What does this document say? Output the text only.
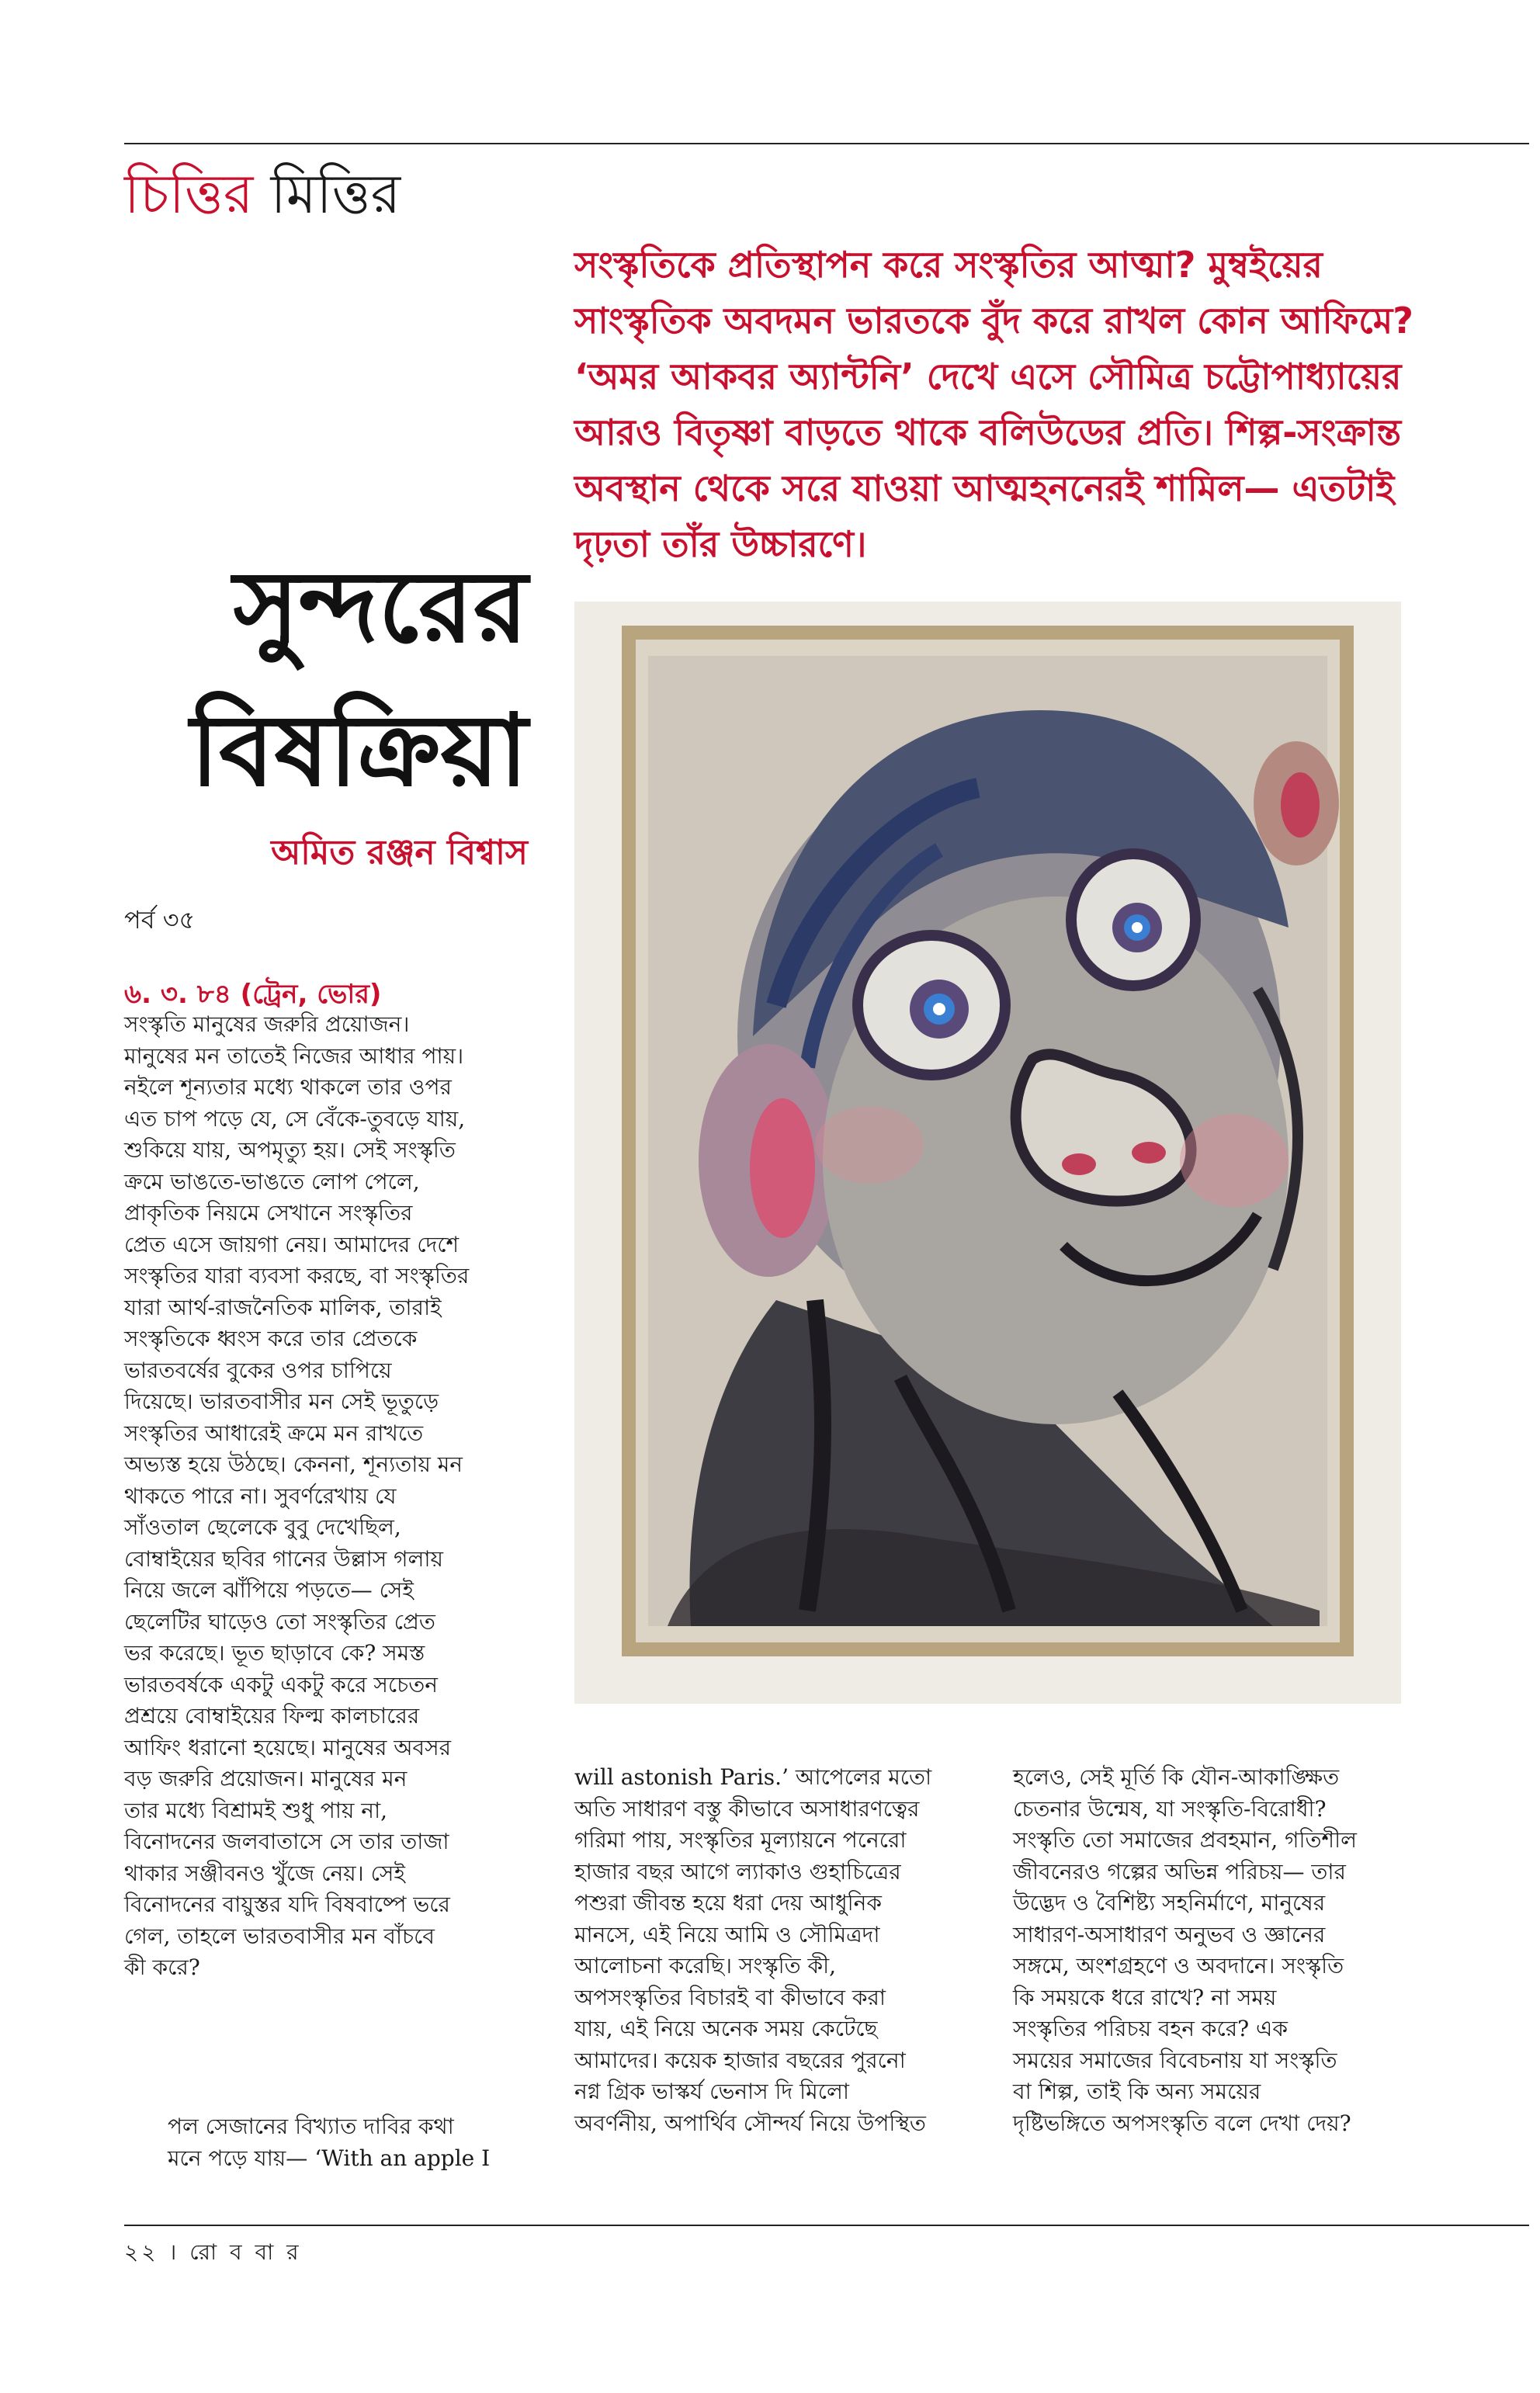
চিত্তির মিত্তির

সংস্কৃতিকে প্রতিস্থাপন করে সংস্কৃতির আত্মা? মুম্বইয়ের সাংস্কৃতিক অবদমন ভারতকে বুঁদ করে রাখল কোন আফিমে? ‘অমর আকবর অ্যান্টনি’ দেখে এসে সৌমিত্র চট্টোপাধ্যায়ের আরও বিতৃষ্ণা বাড়তে থাকে বলিউডের প্রতি। শিল্প-সংক্রান্ত অবস্থান থেকে সরে যাওয়া আত্মহননেরই শামিল— এতটাই দৃঢ়তা তাঁর উচ্চারণে।

সুন্দরের
বিষক্রিয়া
অমিত রঞ্জন বিশ্বাস
পর্ব ৩৫
৬. ৩. ৮৪ (ট্রেন, ভোর)
সংস্কৃতি মানুষের জরুরি প্রয়োজন।
মানুষের মন তাতেই নিজের আধার পায়।
নইলে শূন্যতার মধ্যে থাকলে তার ওপর
এত চাপ পড়ে যে, সে বেঁকে-তুবড়ে যায়,
শুকিয়ে যায়, অপমৃত্যু হয়। সেই সংস্কৃতি
ক্রমে ভাঙতে-ভাঙতে লোপ পেলে,
প্রাকৃতিক নিয়মে সেখানে সংস্কৃতির
প্রেত এসে জায়গা নেয়। আমাদের দেশে
সংস্কৃতির যারা ব্যবসা করছে, বা সংস্কৃতির
যারা আর্থ-রাজনৈতিক মালিক, তারাই
সংস্কৃতিকে ধ্বংস করে তার প্রেতকে
ভারতবর্ষের বুকের ওপর চাপিয়ে
দিয়েছে। ভারতবাসীর মন সেই ভূতুড়ে
সংস্কৃতির আধারেই ক্রমে মন রাখতে
অভ্যস্ত হয়ে উঠছে। কেননা, শূন্যতায় মন
থাকতে পারে না। সুবর্ণরেখায় যে
সাঁওতাল ছেলেকে বুবু দেখেছিল,
বোম্বাইয়ের ছবির গানের উল্লাস গলায়
নিয়ে জলে ঝাঁপিয়ে পড়তে— সেই
ছেলেটির ঘাড়েও তো সংস্কৃতির প্রেত
ভর করেছে। ভূত ছাড়াবে কে? সমস্ত
ভারতবর্ষকে একটু একটু করে সচেতন
প্রশ্রয়ে বোম্বাইয়ের ফিল্ম কালচারের
আফিং ধরানো হয়েছে। মানুষের অবসর
বড় জরুরি প্রয়োজন। মানুষের মন
তার মধ্যে বিশ্রামই শুধু পায় না,
বিনোদনের জলবাতাসে সে তার তাজা
থাকার সঞ্জীবনও খুঁজে নেয়। সেই
বিনোদনের বায়ুস্তর যদি বিষবাষ্পে ভরে
গেল, তাহলে ভারতবাসীর মন বাঁচবে
কী করে?
পল সেজানের বিখ্যাত দাবির কথা
মনে পড়ে যায়— ‘With an apple I
will astonish Paris.’ আপেলের মতো
অতি সাধারণ বস্তু কীভাবে অসাধারণত্বের
গরিমা পায়, সংস্কৃতির মূল্যায়নে পনেরো
হাজার বছর আগে ল্যাকাও গুহাচিত্রের
পশুরা জীবন্ত হয়ে ধরা দেয় আধুনিক
মানসে, এই নিয়ে আমি ও সৌমিত্রদা
আলোচনা করেছি। সংস্কৃতি কী,
অপসংস্কৃতির বিচারই বা কীভাবে করা
যায়, এই নিয়ে অনেক সময় কেটেছে
আমাদের। কয়েক হাজার বছরের পুরনো
নগ্ন গ্রিক ভাস্কর্য ভেনাস দি মিলো
অবর্ণনীয়, অপার্থিব সৌন্দর্য নিয়ে উপস্থিত
হলেও, সেই মূর্তি কি যৌন-আকাঙ্ক্ষিত
চেতনার উন্মেষ, যা সংস্কৃতি-বিরোধী?
সংস্কৃতি তো সমাজের প্রবহমান, গতিশীল
জীবনেরও গল্পের অভিন্ন পরিচয়— তার
উদ্ভেদ ও বৈশিষ্ট্য সহনির্মাণে, মানুষের
সাধারণ-অসাধারণ অনুভব ও জ্ঞানের
সঙ্গমে, অংশগ্রহণে ও অবদানে। সংস্কৃতি
কি সময়কে ধরে রাখে? না সময়
সংস্কৃতির পরিচয় বহন করে? এক
সময়ের সমাজের বিবেচনায় যা সংস্কৃতি
বা শিল্প, তাই কি অন্য সময়ের
দৃষ্টিভঙ্গিতে অপসংস্কৃতি বলে দেখা দেয়?
২২ । রো ব বা র
